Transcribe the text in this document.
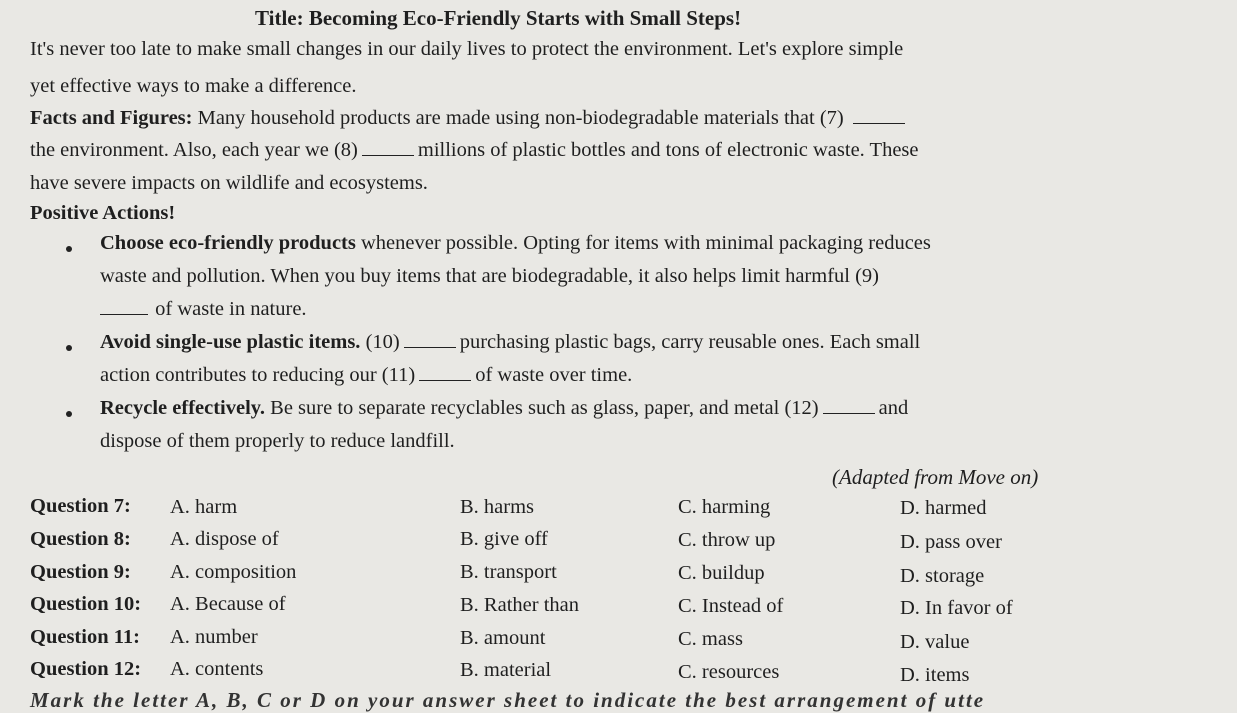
Title: Becoming Eco-Friendly Starts with Small Steps!
It's never too late to make small changes in our daily lives to protect the environment. Let's explore simple
yet effective ways to make a difference.
Facts and Figures: Many household products are made using non-biodegradable materials that (7)
the environment. Also, each year we (8)	millions of plastic bottles and tons of electronic waste. These
have severe impacts on wildlife and ecosystems.
Positive Actions!
Choose eco-friendly products whenever possible. Opting for items with minimal packaging reduces
waste and pollution. When you buy items that are biodegradable, it also helps limit harmful (9)
of waste in nature.
Avoid single-use plastic items. (10)	purchasing plastic bags, carry reusable ones. Each small
action contributes to reducing our (11)	of waste over time.
Recycle effectively. Be sure to separate recyclables such as glass, paper, and metal (12)	and
dispose of them properly to reduce landfill.
(Adapted from Move on)
Question 7: A. harm	B. harms	C. harming	D. harmed
Question 8: A. dispose of	B. give off	C. throw up	D. pass over
Question 9: A. composition	B. transport	C. buildup	D. storage
Question 10: A. Because of	B. Rather than	C. Instead of	D. In favor of
Question 11: A. number	B. amount	C. mass	D. value
Question 12: A. contents	B. material	C. resources	D. items
Mark the letter A, B, C or D on your answer sheet to indicate the best arrangement of utte
